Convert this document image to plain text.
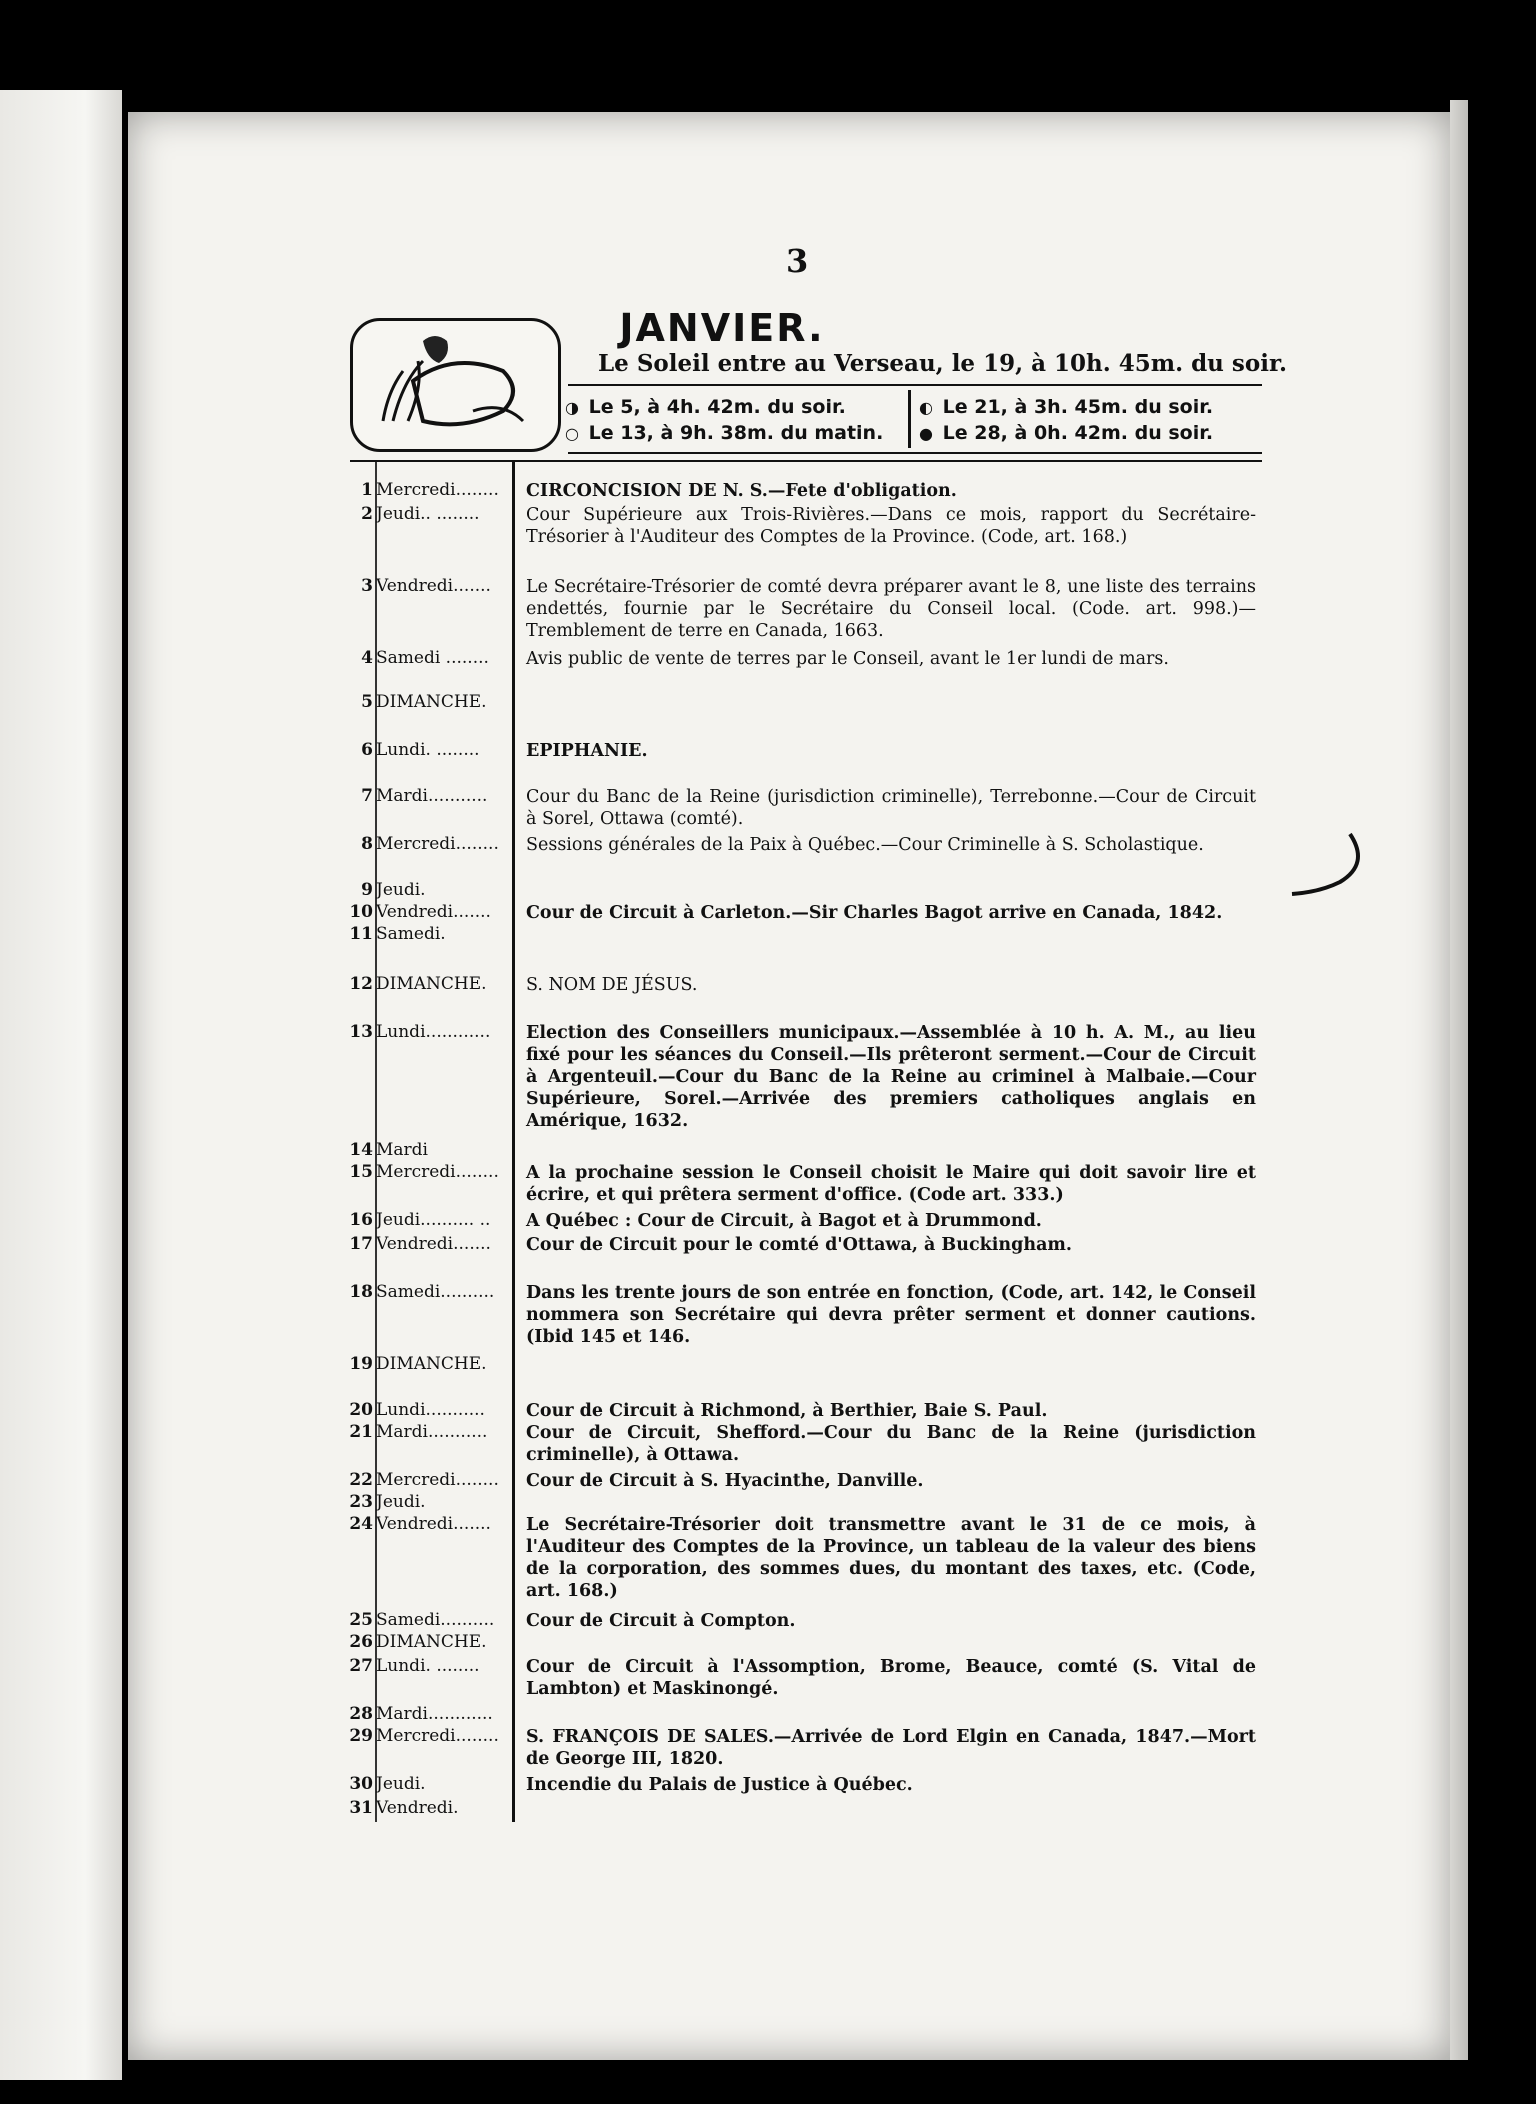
3
JANVIER.
Le Soleil entre au Verseau, le 19, à 10h. 45m. du soir.
◑ Le 5, à 4h. 42m. du soir.
○ Le 13, à 9h. 38m. du matin.
◐ Le 21, à 3h. 45m. du soir.
● Le 28, à 0h. 42m. du soir.
1 Mercredi........	CIRCONCISION DE N. S.—Fete d'obligation.
2 Jeudi.. ........	Cour Supérieure aux Trois-Rivières.—Dans ce mois, rapport du Secrétaire-Trésorier à l'Auditeur des Comptes de la Province. (Code, art. 168.)
3 Vendredi.......	Le Secrétaire-Trésorier de comté devra préparer avant le 8, une liste des terrains endettés, fournie par le Secrétaire du Conseil local. (Code. art. 998.)—Tremblement de terre en Canada, 1663.
4 Samedi ........	Avis public de vente de terres par le Conseil, avant le 1er lundi de mars.
5 DIMANCHE.
6 Lundi. ........	EPIPHANIE.
7 Mardi...........	Cour du Banc de la Reine (jurisdiction criminelle), Terrebonne.—Cour de Circuit à Sorel, Ottawa (comté).
8 Mercredi........	Sessions générales de la Paix à Québec.—Cour Criminelle à S. Scholastique.
9 Jeudi.
10 Vendredi.......	Cour de Circuit à Carleton.—Sir Charles Bagot arrive en Canada, 1842.
11 Samedi.
12 DIMANCHE.	S. NOM DE JÉSUS.
13 Lundi............	Election des Conseillers municipaux.—Assemblée à 10 h. A. M., au lieu fixé pour les séances du Conseil.—Ils prêteront serment.—Cour de Circuit à Argenteuil.—Cour du Banc de la Reine au criminel à Malbaie.—Cour Supérieure, Sorel.—Arrivée des premiers catholiques anglais en Amérique, 1632.
14 Mardi
15 Mercredi........	A la prochaine session le Conseil choisit le Maire qui doit savoir lire et écrire, et qui prêtera serment d'office. (Code art. 333.)
16 Jeudi.......... ..	A Québec : Cour de Circuit, à Bagot et à Drummond.
17 Vendredi.......	Cour de Circuit pour le comté d'Ottawa, à Buckingham.
18 Samedi..........	Dans les trente jours de son entrée en fonction, (Code, art. 142, le Conseil nommera son Secrétaire qui devra prêter serment et donner cautions. (Ibid 145 et 146.
19 DIMANCHE.
20 Lundi...........	Cour de Circuit à Richmond, à Berthier, Baie S. Paul.
21 Mardi...........	Cour de Circuit, Shefford.—Cour du Banc de la Reine (jurisdiction criminelle), à Ottawa.
22 Mercredi........	Cour de Circuit à S. Hyacinthe, Danville.
23 Jeudi.
24 Vendredi.......	Le Secrétaire-Trésorier doit transmettre avant le 31 de ce mois, à l'Auditeur des Comptes de la Province, un tableau de la valeur des biens de la corporation, des sommes dues, du montant des taxes, etc. (Code, art. 168.)
25 Samedi..........	Cour de Circuit à Compton.
26 DIMANCHE.
27 Lundi. ........	Cour de Circuit à l'Assomption, Brome, Beauce, comté (S. Vital de Lambton) et Maskinongé.
28 Mardi............
29 Mercredi........	S. FRANÇOIS DE SALES.—Arrivée de Lord Elgin en Canada, 1847.—Mort de George III, 1820.
30 Jeudi.	Incendie du Palais de Justice à Québec.
31 Vendredi.
